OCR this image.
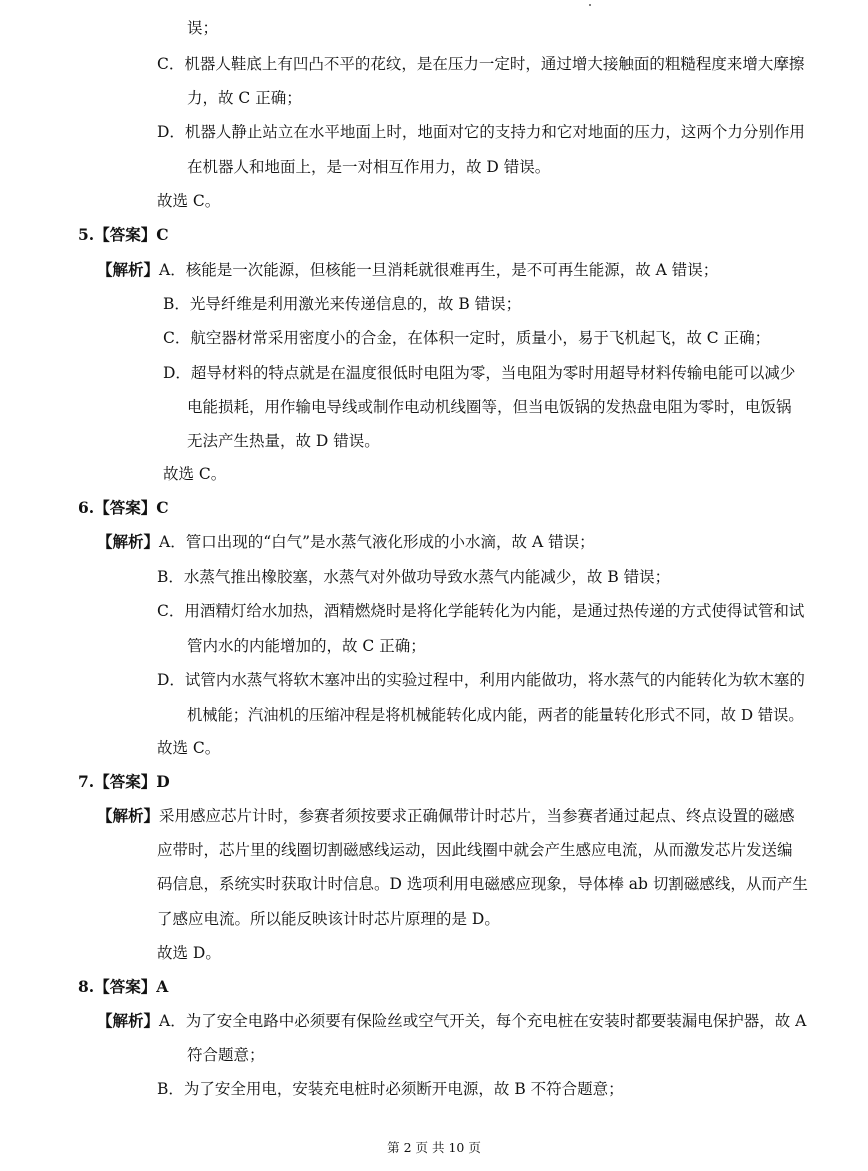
误；
C．机器人鞋底上有凹凸不平的花纹，是在压力一定时，通过增大接触面的粗糙程度来增大摩擦
力，故 C 正确；
D．机器人静止站立在水平地面上时，地面对它的支持力和它对地面的压力，这两个力分别作用
在机器人和地面上，是一对相互作用力，故 D 错误。
故选 C。
5.【答案】C
【解析】A．核能是一次能源，但核能一旦消耗就很难再生，是不可再生能源，故 A 错误；
B．光导纤维是利用激光来传递信息的，故 B 错误；
C．航空器材常采用密度小的合金，在体积一定时，质量小，易于飞机起飞，故 C 正确；
D．超导材料的特点就是在温度很低时电阻为零，当电阻为零时用超导材料传输电能可以减少
电能损耗，用作输电导线或制作电动机线圈等，但当电饭锅的发热盘电阻为零时，电饭锅
无法产生热量，故 D 错误。
故选 C。
6.【答案】C
【解析】A．管口出现的“白气”是水蒸气液化形成的小水滴，故 A 错误；
B．水蒸气推出橡胶塞，水蒸气对外做功导致水蒸气内能减少，故 B 错误；
C．用酒精灯给水加热，酒精燃烧时是将化学能转化为内能，是通过热传递的方式使得试管和试
管内水的内能增加的，故 C 正确；
D．试管内水蒸气将软木塞冲出的实验过程中，利用内能做功，将水蒸气的内能转化为软木塞的
机械能；汽油机的压缩冲程是将机械能转化成内能，两者的能量转化形式不同，故 D 错误。
故选 C。
7.【答案】D
【解析】采用感应芯片计时，参赛者须按要求正确佩带计时芯片，当参赛者通过起点、终点设置的磁感
应带时，芯片里的线圈切割磁感线运动，因此线圈中就会产生感应电流，从而激发芯片发送编
码信息，系统实时获取计时信息。D 选项利用电磁感应现象，导体棒 ab 切割磁感线，从而产生
了感应电流。所以能反映该计时芯片原理的是 D。
故选 D。
8.【答案】A
【解析】A．为了安全电路中必须要有保险丝或空气开关，每个充电桩在安装时都要装漏电保护器，故 A
符合题意；
B．为了安全用电，安装充电桩时必须断开电源，故 B 不符合题意；
第 2 页 共 10 页
